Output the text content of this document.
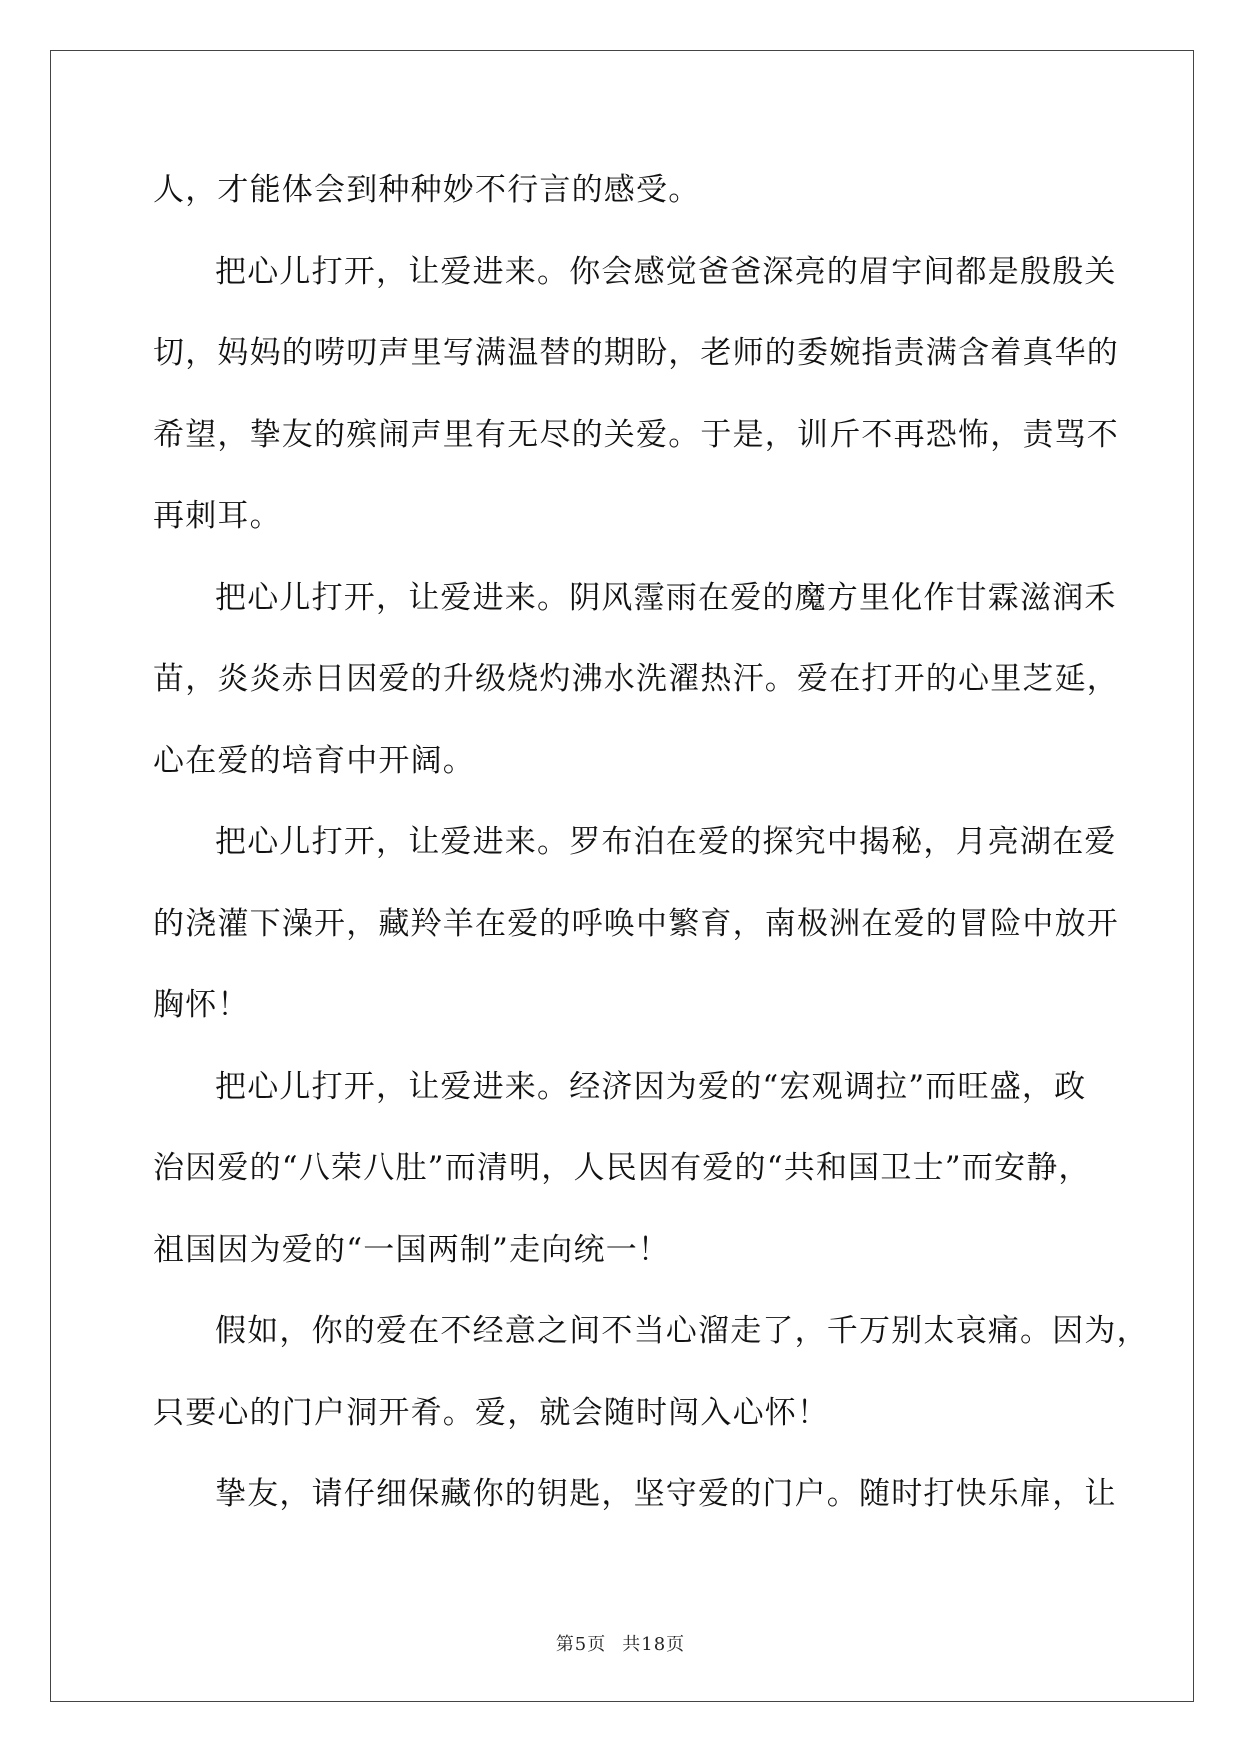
人，才能体会到种种妙不行言的感受。
把心儿打开，让爱进来。你会感觉爸爸深亮的眉宇间都是殷殷关
切，妈妈的唠叨声里写满温替的期盼，老师的委婉指责满含着真华的
希望，挚友的殡闹声里有无尽的关爱。于是，训斤不再恐怖，责骂不
再刺耳。
把心儿打开，让爱进来。阴风霪雨在爱的魔方里化作甘霖滋润禾
苗，炎炎赤日因爱的升级烧灼沸水洗濯热汗。爱在打开的心里芝延，
心在爱的培育中开阔。
把心儿打开，让爱进来。罗布泊在爱的探究中揭秘，月亮湖在爱
的浇灌下澡开，藏羚羊在爱的呼唤中繁育，南极洲在爱的冒险中放开
胸怀！
把心儿打开，让爱进来。经济因为爱的“宏观调拉”而旺盛，政
治因爱的“八荣八肚”而清明，人民因有爱的“共和国卫士”而安静，
祖国因为爱的“一国两制”走向统一！
假如，你的爱在不经意之间不当心溜走了，千万别太哀痛。因为，
只要心的门户洞开肴。爱，就会随时闯入心怀！
挚友，请仔细保藏你的钥匙，坚守爱的门户。随时打快乐扉，让
第5页 共18页
